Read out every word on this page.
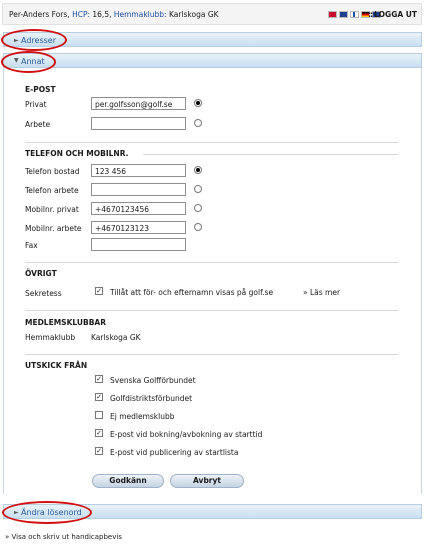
Per-Anders Fors, HCP: 16,5, Hemmaklubb: Karlskoga GK	:: LOGGA UT
► Adresser
▼ Annat
E-POST
Privat	per.golfsson@golf.se
Arbete
TELEFON OCH MOBILNR.
Telefon bostad	123 456
Telefon arbete
Mobilnr. privat	+4670123456
Mobilnr. arbete	+4670123123
Fax
ÖVRIGT
Sekretess	✓ Tillåt att för- och efternamn visas på golf.se	» Läs mer
MEDLEMSKLUBBAR
Hemmaklubb Karlskoga GK
UTSKICK FRÅN
✓ Svenska Golfförbundet
✓ Golfdistriktsförbundet
Ej medlemsklubb
✓ E-post vid bokning/avbokning av starttid
✓ E-post vid publicering av startlista
Godkänn	Avbryt
► Ändra lösenord
» Visa och skriv ut handicapbevis
